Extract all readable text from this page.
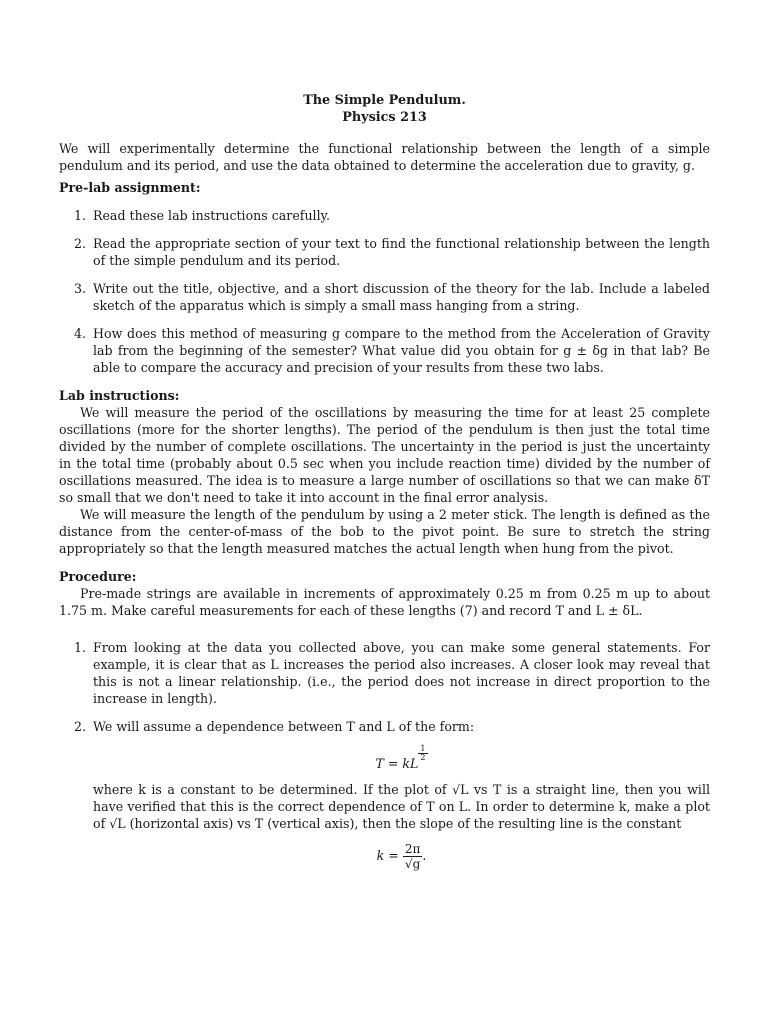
The Simple Pendulum.
Physics 213

We will experimentally determine the functional relationship between the length of a simple pendulum and its period, and use the data obtained to determine the acceleration due to gravity, g.

Pre-lab assignment:

1. Read these lab instructions carefully.
2. Read the appropriate section of your text to find the functional relationship between the length of the simple pendulum and its period.
3. Write out the title, objective, and a short discussion of the theory for the lab. Include a labeled sketch of the apparatus which is simply a small mass hanging from a string.
4. How does this method of measuring g compare to the method from the Acceleration of Gravity lab from the beginning of the semester? What value did you obtain for g ± δg in that lab? Be able to compare the accuracy and precision of your results from these two labs.

Lab instructions:

We will measure the period of the oscillations by measuring the time for at least 25 complete oscillations (more for the shorter lengths). The period of the pendulum is then just the total time divided by the number of complete oscillations. The uncertainty in the period is just the uncertainty in the total time (probably about 0.5 sec when you include reaction time) divided by the number of oscillations measured. The idea is to measure a large number of oscillations so that we can make δT so small that we don't need to take it into account in the final error analysis.

We will measure the length of the pendulum by using a 2 meter stick. The length is defined as the distance from the center-of-mass of the bob to the pivot point. Be sure to stretch the string appropriately so that the length measured matches the actual length when hung from the pivot.

Procedure:

Pre-made strings are available in increments of approximately 0.25 m from 0.25 m up to about 1.75 m. Make careful measurements for each of these lengths (7) and record T and L ± δL.

1. From looking at the data you collected above, you can make some general statements. For example, it is clear that as L increases the period also increases. A closer look may reveal that this is not a linear relationship. (i.e., the period does not increase in direct proportion to the increase in length).
2. We will assume a dependence between T and L of the form:
T = kL
$\frac{1}{2}$

where k is a constant to be determined. If the plot of √L vs T is a straight line, then you will have verified that this is the correct dependence of T on L. In order to determine k, make a plot of √L (horizontal axis) vs T (vertical axis), then the slope of the resulting line is the constant

$k = \frac{2\pi}{√g}$ .
